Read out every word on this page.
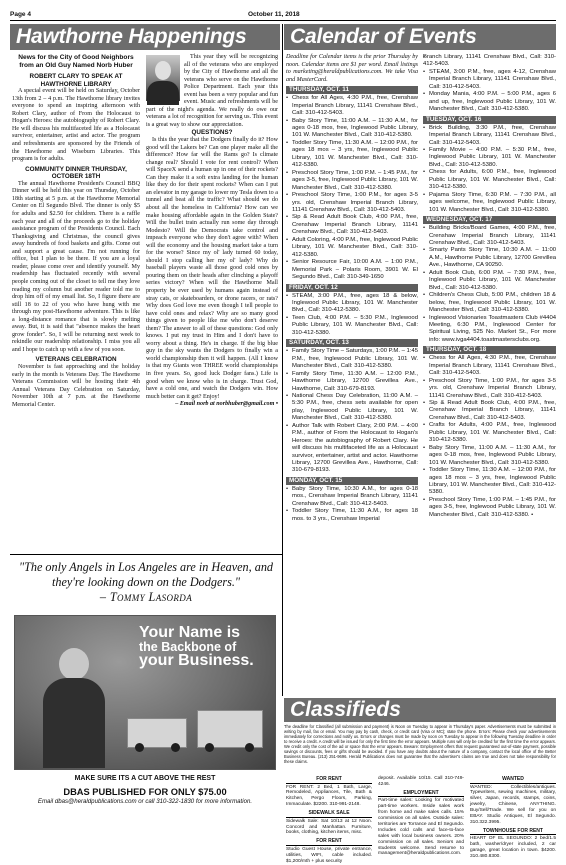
Page 4	October 11, 2018
Hawthorne Happenings	Calendar of Events
News for the City of Good Neighbors from an Old Guy Named Norb Huber
ROBERT CLARY TO SPEAK AT HAWTHORNE LIBRARY

A special event will be held on Saturday, October 13th from 2 – 4 p.m. The Hawthorne library invites everyone to spend an inspiring afternoon with Robert Clary, author of From the Holocaust to Hogan's Heroes: the autobiography of Robert Clary. He will discuss his multifaceted life as a Holocaust survivor, entertainer, artist and actor. The program and refreshments are sponsored by the Friends of the Hawthorne and Wiseburn Libraries. This program is for adults.

COMMUNITY DINNER THURSDAY, OCTOBER 18TH

The annual Hawthorne President's Council BBQ Dinner will be held this year on Thursday, October 18th starting at 5 p.m. at the Hawthorne Memorial Center on El Segundo Blvd. The dinner is only $5 for adults and $2.50 for children. There is a raffle each year and all of the proceeds go to the holiday assistance program of the Presidents Council. Each Thanksgiving and Christmas, the council gives away hundreds of food baskets and gifts. Come out and support a great cause. I'm not running for office, but I plan to be there. If you are a loyal reader, please come over and identify yourself. My readership has fluctuated recently with several people coming out of the closet to tell me they love reading my column but another reader told me to drop him off of my email list. So, I figure there are still 18 to 22 of you who have hung with me through my post-Hawthorne adventure. This is like a long-distance romance that is slowly melting away. But, it is said that "absence makes the heart grow fonder". So, I will be returning next week to rekindle our readership relationship. I miss you all and I hope to catch up with a few of you soon.

VETERANS CELEBRATION

November is fast approaching and the holiday early in the month is Veterans Day. The Hawthorne Veterans Commission will be hosting their 4th Annual Veterans Day Celebration on Saturday, November 10th at 7 p.m. at the Hawthorne Memorial Center.

This year they will be recognizing all of the veterans who are employed by the City of Hawthorne and all the veterans who serve on the Hawthorne Police Department. Each year this event has been a very popular and fun event. Music and refreshments will be part of the night's agenda. We really do owe our veterans a lot of recognition for serving us. This event is a great way to show our appreciation.

QUESTIONS?

Is this the year that the Dodgers finally do it? How good will the Lakers be? Can one player make all the difference? How far will the Rams go? Is climate change real? Should I vote for rent control? When will SpaceX send a human up in one of their rockets? Can they make it a soft extra landing for the human like they do for their spent rockets? When can I put an elevator in my garage to lower my Tesla down to a tunnel and beat all the traffic? What should we do about all the homeless in California? How can we make housing affordable again in the Golden State? Will the bullet train actually run some day through Modesto? Will the Democrats take control and impeach everyone who they don't agree with? When will the economy and the housing market take a turn for the worse? Since my ol' lady turned 60 today, should I stop calling her my ol' lady? Why do baseball players waste all those good cold ones by pouring them on their heads after clinching a playoff series victory? When will the Hawthorne Mall property be ever used by humans again instead of stray cats, or skateboarders, or drone racers, or rats? Why does God love me even though I tell people to have cold ones and relax? Why are so many good things given to people like me who don't deserve them? The answer to all of these questions: God only knows. I put my trust in Him and I don't have to worry about a thing. He's in charge. If the big blue guy in the sky wants the Dodgers to finally win a world championship then it will happen. (All I know is that my Giants won THREE world championships in five years. So, good luck Dodger fans.) Life is good when we know who is in charge. Trust God, have a cold one, and watch the Dodgers win. How much better can it get? Enjoy!

– Email norb at norbhuber@gmail.com •
"The only Angels in Los Angeles are in Heaven, and they're looking down on the Dodgers."
– Tommy Lasorda
Your Name is
the Backbone of
your Business.
MAKE SURE ITS A CUT ABOVE THE REST
DBAS PUBLISHED FOR ONLY $75.00
Email dbas@heraldpublications.com or call 310-322-1830 for more information.
Deadline for Calendar items is the prior Thursday by noon. Calendar items are $1 per word. Email listings to marketing@heraldpublications.com. We take Visa and MasterCard.
THURSDAY, OCT. 11
• Chess for All Ages, 4:30 P.M., free, Crenshaw Imperial Branch Library, 11141 Crenshaw Blvd., Call: 310-412-5403.
• Baby Story Time, 11:00 A.M. – 11:30 A.M., for ages 0-18 mos, free, Inglewood Public Library, 101 W. Manchester Blvd., Call: 310-412-5380.
• Toddler Story Time, 11:30 A.M. – 12:00 P.M., for ages 18 mos – 3 yrs, free, Inglewood Public Library, 101 W. Manchester Blvd., Call: 310-412-5380.
• Preschool Story Time, 1:00 P.M. – 1:45 P.M., for ages 3-5, free, Inglewood Public Library, 101 W. Manchester Blvd., Call: 310-412-5380.
• Preschool Story Time, 1:00 P.M., for ages 3-5 yrs. old, Crenshaw Imperial Branch Library, 11141 Crenshaw Blvd., Call: 310-412-5403.
• Sip & Read Adult Book Club, 4:00 P.M., free, Crenshaw Imperial Branch Library, 11141 Crenshaw Blvd., Call: 310-412-5403.
• Adult Coloring, 4:00 P.M., free, Inglewood Public Library, 101 W. Manchester Blvd., Call: 310-412-5380.
• Senior Resource Fair, 10:00 A.M. – 1:00 P.M., Memorial Park – Polaris Room, 3901 W. El Segundo Blvd., Call: 310-349-1650
FRIDAY, OCT. 12
• STEAM, 3:00 P.M., free, ages 18 & below, Inglewood Public Library, 101 W. Manchester Blvd., Call: 310-412-5380.
• Teen Club, 4:00 P.M. – 5:30 P.M., Inglewood Public Library, 101 W. Manchester Blvd., Call: 310-412-5380.
SATURDAY, OCT. 13
• Family Story Time – Saturdays, 1:00 P.M. – 1:45 P.M., free, Inglewood Public Library, 101 W. Manchester Blvd., Call: 310-412-5380.
• Family Story Time, 11:30 A.M. – 12:00 P.M., Hawthorne Library, 12700 Grevillea Ave., Hawthorne, Call: 310-679-8193.
• National Chess Day Celebration, 11:00 A.M. – 5:30 P.M., free, chess sets available for open play, Inglewood Public Library, 101 W. Manchester Blvd., Call: 310-412-5380.
• Author Talk with Robert Clary, 2:00 P.M. – 4:00 P.M., author of From the Holocaust to Hogan's Heroes: the autobiography of Robert Clary. He will discuss his multifaceted life as a Holocaust survivor, entertainer, artist and actor. Hawthorne Library, 12700 Grevillea Ave., Hawthorne, Call: 310-679-8193.
MONDAY, OCT. 15
• Baby Story Time, 10:30 A.M., for ages 0-18 mos., Crenshaw Imperial Branch Library, 11141 Crenshaw Blvd., Call: 310-412-5403.
• Toddler Story Time, 11:30 A.M., for ages 18 mos. to 3 yrs., Crenshaw Imperial
• Branch Library, 11141 Crenshaw Blvd., Call: 310-412-5403.
• STEAM, 3:00 P.M., free, ages 4-12, Crenshaw Imperial Branch Library, 11141 Crenshaw Blvd., Call: 310-412-5403.
• Monday Mania, 4:00 P.M. – 5:00 P.M., ages 6 and up, free, Inglewood Public Library, 101 W. Manchester Blvd., Call: 310-412-5380.
TUESDAY, OCT. 16
• Brick Building, 3:30 P.M., free, Crenshaw Imperial Branch Library, 11141 Crenshaw Blvd., Call: 310-412-5403.
• Family Movie – 4:00 P.M. – 5:30 P.M., free, Inglewood Public Library, 101 W. Manchester Blvd., Call: 310-412-5380.
• Chess for Adults, 6:00 P.M., free, Inglewood Public Library, 101 W. Manchester Blvd., Call: 310-412-5380.
• Pajama Story Time, 6:30 P.M. – 7:30 P.M., all ages welcome, free, Inglewood Public Library, 101 W. Manchester Blvd., Call: 310-412-5380.
WEDNESDAY, OCT. 17
• Building Bricks/Board Games, 4:00 P.M., free, Crenshaw Imperial Branch Library, 11141 Crenshaw Blvd., Call: 310-412-5403.
• Smarty Pants Story Time, 10:30 A.M. – 11:00 A.M., Hawthorne Public Library, 12700 Grevillea Ave., Hawthorne, CA 90250.
• Adult Book Club, 6:00 P.M. – 7:30 P.M., free, Inglewood Public Library, 101 W. Manchester Blvd., Call: 310-412-5380.
• Children's Chess Club, 5:00 P.M., children 18 & below, free, Inglewood Public Library, 101 W. Manchester Blvd., Call: 310-412-5380.
• Inglewood Visionaries Toastmasters Club #4404 Meeting, 6:30 P.M., Inglewood Center for Spiritual Living, 525 Nο. Market St., For more info: www.ivga4404.toastmastersclubs.org.
THURSDAY, OCT. 18
• Chess for All Ages, 4:30 P.M., free, Crenshaw Imperial Branch Library, 11141 Crenshaw Blvd., Call: 310-412-5403.
• Preschool Story Time, 1:00 P.M., for ages 3-5 yrs. old, Crenshaw Imperial Branch Library, 11141 Crenshaw Blvd., Call: 310-412-5403.
• Sip & Read Adult Book Club, 4:00 P.M., free, Crenshaw Imperial Branch Library, 11141 Crenshaw Blvd., Call: 310-412-5403.
• Crafts for Adults, 4:00 P.M., free, Inglewood Public Library, 101 W. Manchester Blvd., Call: 310-412-5380.
• Baby Story Time, 11:00 A.M. – 11:30 A.M., for ages 0-18 mos, free, Inglewood Public Library, 101 W. Manchester Blvd., Call: 310-412-5380.
• Toddler Story Time, 11:30 A.M. – 12:00 P.M., for ages 18 mos – 3 yrs, free, Inglewood Public Library, 101 W. Manchester Blvd., Call: 310-412-5380.
• Preschool Story Time, 1:00 P.M. – 1:45 P.M., for ages 3-5, free, Inglewood Public Library, 101 W. Manchester Blvd., Call: 310-412-5380. •
Classifieds
The deadline for Classified (all submission and payment) is Noon on Tuesday to appear in Thursday's paper. Advertisements must be submitted in writing by mail, fax or email. You may pay by cash, check, or credit card (Visa or MC); state the phone. Errors: Please check your advertisements immediately for corrections and notify us. Errors or changes must be made by noon on Tuesday to appear in the following Tuesday deadline in order to receive a credit. A credit will be issued for only the first time the error appears. Multiple runs will only be credited for the first time the error appears. We credit only the cost of the ad or space that the error appears. Beware: Employment offers that request guaranteed out-of-state payment, possible savings or discounts, fees or gifts should be avoided. If you have any doubts about the nature of a company, contact the local office of the Better Business Bureau. (213) 251-9696. Herald Publications does not guarantee that the advertiser's claims are true and does not take responsibility for these claims.
FOR RENT
FOR RENT: 2 Bed, 1 Bath, Large, Remodeled, Appliances, Tile, Bath & Kitchen, Pergo Floors, Parking, Immaculate. $2200. 310-991-2148.
SIDEWALK SALE
Sidewalk Sale: Sat 10/13 at 12 Noon. Concord and Manhattan. Furniture, books, clothing, kitchen items, misc.
FOR RENT
Studio Guest House, private entrance, utilities, WIFI, cable included. $1,200/mth + plus security
deposit. Available 10/15. Call 310-749-4246.
EMPLOYMENT
Part-time sales: Looking for motivated part-time workers. Inside sales work from home and make sales calls. 15% commission on all sales. Outside sales: territories are Torrance and El Segundo. Includes cold calls and face-to-face sales with local business owners. 20% commission on all sales. Seniors and students welcome. Send resume to management@heraldpublications.com.
WANTED
WANTED: Collectibles/antiques. Typewriters, sewing machines, military, silver, Japan, records, stamps, coins, jewelry, Chinese, ANYTHING. Buy/Sell/Trade. We sell for you on EBAY. Studio Antiques, El Segundo. 310.322.3995.
TOWNHOUSE FOR RENT
HEART OF EL SEGUNDO: 2 bed/1.5 bath, washer/dryer included, 2 car garage, great location in town. $4200. 310.480.8300.
